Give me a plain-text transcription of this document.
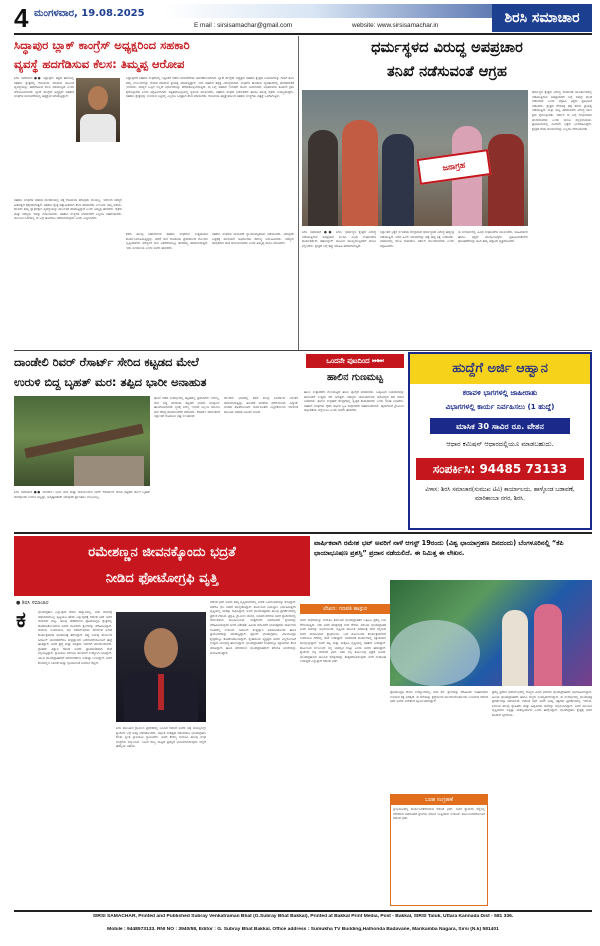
4 ಮಂಗಳವಾರ, 19.08.2025
E mail : sirsisamachar@gmail.com	website: www.sirsisamachar.in	ಶಿರಸಿ ಸಮಾಚಾರ
ಸಿದ್ಧಾಪುರ ಬ್ಲಾಕ್ ಕಾಂಗ್ರೆಸ್ ಅಧ್ಯಕ್ಷರಿಂದ ಸಹಕಾರಿ
ವ್ಯವಸ್ಥೆ ಹದಗೆಡಿಸುವ ಕೆಲಸ: ತಿಮ್ಮಪ್ಪ ಆರೋಪ
ಶಿರಸಿ ಸಮಾಚಾರ ●● ಸಿದ್ದಾಪುರ: ಪಕ್ಷದ ಹೆಸರಿನಲ್ಲಿ ಸಹಕಾರಿ ಕ್ಷೇತ್ರದಲ್ಲಿ ರಾಜಕೀಯ ಮಾಡುವ ಮೂಲಕ ವ್ಯವಸ್ಥೆಯನ್ನು ಹದಗೆಡಿಸುವ ಕೆಲಸ ನಡೆಯುತ್ತಿದೆ ಎಂದು ಆರೋಪಿಸಲಾಗಿದೆ. ಬ್ಲಾಕ್ ಕಾಂಗ್ರೆಸ್ ಅಧ್ಯಕ್ಷರು ಸಹಕಾರ ಸಂಘಗಳ ಚುನಾವಣೆಯಲ್ಲಿ ಹಸ್ತಕ್ಷೇಪ ಮಾಡುತ್ತಿದ್ದಾರೆ.
ಸಹಕಾರಿ ಸಂಘಗಳ ಆಡಳಿತ ಮಂಡಳಿಯಲ್ಲಿ ಪಕ್ಷ ರಾಜಕೀಯ ತರುವುದು ಸರಿಯಲ್ಲ. ಇದರಿಂದ ಸದಸ್ಯರ ಹಿತಾಸಕ್ತಿಗೆ ಧಕ್ಕೆಯಾಗುತ್ತದೆ. ಸಹಕಾರಿ ಕ್ಷೇತ್ರ ಪಕ್ಷಾತೀತವಾಗಿ ಕೆಲಸ ಮಾಡಬೇಕು ಎಂಬುದು ನಮ್ಮ ಆಶಯ. ಕೆಲವರು ತಮ್ಮ ಸ್ವಾರ್ಥಕ್ಕಾಗಿ ವ್ಯವಸ್ಥೆಯನ್ನು ದುರ್ಬಳಕೆ ಮಾಡುತ್ತಿದ್ದಾರೆ ಎಂದು ತಿಮ್ಮಪ್ಪ ಹೇಳಿದರು. ರೈತರು ಮತ್ತು ಸದಸ್ಯರು ಇದನ್ನು ಗಮನಿಸಬೇಕು. ಸಹಕಾರಿ ಸಂಸ್ಥೆಗಳ ಬೆಳವಣಿಗೆಗೆ ಎಲ್ಲರೂ ಸಹಕರಿಸಬೇಕು. ಮುಂದಿನ ದಿನಗಳಲ್ಲಿ ಈ ಬಗ್ಗೆ ಹೋರಾಟ ನಡೆಸಲಾಗುವುದು ಎಂದು ಎಚ್ಚರಿಸಿದರು.
ಸಿದ್ದಾಪುರದ ಸಹಕಾರಿ ಸಂಘಗಳಲ್ಲಿ ಇತ್ತೀಚೆಗೆ ನಡೆದ ಬೆಳವಣಿಗೆಗಳು ಆತಂಕಕಾರಿಯಾಗಿವೆ. ಬ್ಲಾಕ್ ಕಾಂಗ್ರೆಸ್ ಅಧ್ಯಕ್ಷರು ಸಹಕಾರಿ ಕ್ಷೇತ್ರದ ನಿಯಮಗಳನ್ನು ಗಾಳಿಗೆ ತೂರಿ ತಮ್ಮ ಬೆಂಬಲಿಗರನ್ನು ನೇಮಕ ಮಾಡುವ ಪ್ರಯತ್ನ ಮಾಡುತ್ತಿದ್ದಾರೆ. ಇದು ಸಹಕಾರ ತತ್ವಕ್ಕೆ ವಿರುದ್ಧವಾಗಿದೆ. ಸಂಘಗಳ ಹಣಕಾಸು ವ್ಯವಹಾರದಲ್ಲಿ ಪಾರದರ್ಶಕತೆ ಇರಬೇಕು. ಸದಸ್ಯರ ಒಪ್ಪಿಗೆ ಇಲ್ಲದೆ ನಿರ್ಧಾರಗಳನ್ನು ತೆಗೆದುಕೊಳ್ಳಲಾಗುತ್ತಿದೆ. ಈ ಬಗ್ಗೆ ಸಹಕಾರ ಇಲಾಖೆಗೆ ದೂರು ನೀಡಲಾಗಿದೆ. ಅಧಿಕಾರಿಗಳು ಕೂಡಲೇ ಕ್ರಮ ಕೈಗೊಳ್ಳಬೇಕು ಎಂದು ಆಗ್ರಹಿಸಲಾಗಿದೆ. ಪತ್ರಿಕಾಗೋಷ್ಠಿಯಲ್ಲಿ ಸ್ಥಳೀಯ ಮುಖಂಡರು, ಸಹಕಾರಿ ಸಂಘದ ನಿರ್ದೇಶಕರು ಹಾಗೂ ಹಲವು ರೈತರು ಉಪಸ್ಥಿತರಿದ್ದರು. ಸಹಕಾರಿ ಕ್ಷೇತ್ರವನ್ನು ಉಳಿಸುವ ನಿಟ್ಟಿನಲ್ಲಿ ಎಲ್ಲರೂ ಒಗ್ಗಟ್ಟಾಗಿ ಕೆಲಸ ಮಾಡಬೇಕು. ರಾಜಕೀಯ ಹಸ್ತಕ್ಷೇಪದಿಂದ ಸಹಕಾರಿ ಸಂಸ್ಥೆಗಳು ನಷ್ಟಕ್ಕೆ ಒಳಗಾಗುತ್ತಿವೆ.
ಕಳೆದ ಹಲವು ವರ್ಷಗಳಿಂದ ಸಹಕಾರಿ ಸಂಘಗಳು ಉತ್ತಮವಾಗಿ ಕಾರ್ಯನಿರ್ವಹಿಸುತ್ತಿದ್ದವು. ಆದರೆ ಈಗ ರಾಜಕೀಯ ಪ್ರವೇಶದಿಂದ ಗೊಂದಲ ಸೃಷ್ಟಿಯಾಗಿದೆ. ಸದಸ್ಯರಿಗೆ ಸಾಲ ವಿತರಣೆಯಲ್ಲೂ ತಾರತಮ್ಯ ಮಾಡಲಾಗುತ್ತಿದೆ. ಇದು ಖಂಡನೀಯ ಎಂದು ಅವರು ಹೇಳಿದರು.
ಸಹಕಾರಿ ಸಂಘಗಳ ಚುನಾವಣೆ ನ್ಯಾಯಸಮ್ಮತವಾಗಿ ನಡೆಯಬೇಕು. ಯಾವುದೇ ಒತ್ತಡಕ್ಕೆ ಮಣಿಯದೆ ಅಧಿಕಾರಿಗಳು ಕರ್ತವ್ಯ ನಿರ್ವಹಿಸಬೇಕು. ಸದಸ್ಯರು ಜಾಗೃತರಾಗಿ ಮತ ಚಲಾಯಿಸಬೇಕು ಎಂದು ತಿಮ್ಮಪ್ಪ ಮನವಿ ಮಾಡಿದರು.
ಧರ್ಮಸ್ಥಳದ ವಿರುದ್ಧ ಅಪಪ್ರಚಾರ
ತನಿಖೆ ನಡೆಸುವಂತೆ ಆಗ್ರಹ
ಜನಾಗ್ರಹ
ಧರ್ಮಸ್ಥಳ ಕ್ಷೇತ್ರದ ವಿರುದ್ಧ ಸಾಮಾಜಿಕ ಜಾಲತಾಣಗಳಲ್ಲಿ ನಡೆಯುತ್ತಿರುವ ಅಪಪ್ರಚಾರದ ಬಗ್ಗೆ ಸಮಗ್ರ ತನಿಖೆ ನಡೆಸಬೇಕು ಎಂದು ಆಗ್ರಹಿಸಿ ಭಕ್ತರು ಪ್ರತಿಭಟನೆ ನಡೆಸಿದರು. ಕ್ಷೇತ್ರದ ಗೌರವಕ್ಕೆ ಧಕ್ಕೆ ತರುವ ಪ್ರಯತ್ನ ನಡೆಯುತ್ತಿದೆ. ಸುಳ್ಳು ಸುದ್ದಿ ಹರಡುವವರ ವಿರುದ್ಧ ಕಠಿಣ ಕ್ರಮ ಕೈಗೊಳ್ಳಬೇಕು. ಸರ್ಕಾರ ಈ ಬಗ್ಗೆ ಗಂಭೀರವಾಗಿ ಪರಿಗಣಿಸಬೇಕು ಎಂದು ಮನವಿ ಸಲ್ಲಿಸಲಾಯಿತು. ಪ್ರತಿಭಟನೆಯಲ್ಲಿ ನೂರಾರು ಭಕ್ತರು ಭಾಗವಹಿಸಿದ್ದರು. ಕ್ಷೇತ್ರದ ಸೇವಾ ಕಾರ್ಯಗಳನ್ನು ಎಲ್ಲರೂ ಗೌರವಿಸಬೇಕು.
ಶಿರಸಿ ಸಮಾಚಾರ ●● ಶಿರಸಿ: ಧರ್ಮಸ್ಥಳ ಕ್ಷೇತ್ರದ ವಿರುದ್ಧ ನಡೆಯುತ್ತಿರುವ ಅಪಪ್ರಚಾರ ಖಂಡಿಸಿ ವಿವಿಧ ಸಂಘಟನೆಗಳ ಕಾರ್ಯಕರ್ತರು ತಹಶೀಲ್ದಾರ್ ಮೂಲಕ ಮುಖ್ಯಮಂತ್ರಿಗಳಿಗೆ ಮನವಿ ಸಲ್ಲಿಸಿದರು. ಕ್ಷೇತ್ರದ ಬಗ್ಗೆ ತಪ್ಪು ಮಾಹಿತಿ ಹರಡಲಾಗುತ್ತಿದೆ.
ಲಕ್ಷಾಂತರ ಭಕ್ತರ ನಂಬಿಕೆಯ ಕೇಂದ್ರವಾದ ಧರ್ಮಸ್ಥಳದ ವಿರುದ್ಧ ಷಡ್ಯಂತ್ರ ನಡೆಯುತ್ತಿದೆ. ಇದರ ಹಿಂದೆ ಇರುವವರನ್ನು ಪತ್ತೆ ಹಚ್ಚಿ ಶಿಕ್ಷೆ ನೀಡಬೇಕು. ಸಮಾಜದಲ್ಲಿ ಶಾಂತಿ ಕಾಪಾಡಲು ಸರ್ಕಾರ ಮುಂದಾಗಬೇಕು ಎಂದು ಆಗ್ರಹಿಸಿದರು.
ಈ ಸಂದರ್ಭದಲ್ಲಿ ವಿವಿಧ ಸಂಘಟನೆಗಳ ಮುಖಂಡರು, ಮಹಿಳೆಯರು ಹಾಗೂ ಭಕ್ತರು ಪಾಲ್ಗೊಂಡಿದ್ದರು. ಪ್ರತಿಭಟನಾಕಾರರು ಘೋಷಣೆಗಳನ್ನು ಕೂಗಿ ತಮ್ಮ ಆಕ್ರೋಶ ವ್ಯಕ್ತಪಡಿಸಿದರು.
ದಾಂಡೇಲಿ ರಿವರ್ ರೆಸಾರ್ಟ್ ಸೇರಿದ ಕಟ್ಟಡದ ಮೇಲೆ
ಉರುಳಿ ಬಿದ್ದ ಬೃಹತ್ ಮರ: ತಪ್ಪಿದ ಭಾರೀ ಅನಾಹುತ
ಶಿರಸಿ ಸಮಾಚಾರ ●● ದಾಂಡೇಲಿ: ಭಾರೀ ಮಳೆ ಮತ್ತು ಗಾಳಿಯಿಂದಾಗಿ ರಿವರ್ ರೆಸಾರ್ಟ್‌ಗೆ ಸೇರಿದ ಕಟ್ಟಡದ ಮೇಲೆ ಬೃಹತ್ ಮರವೊಂದು ಉರುಳಿ ಬಿದ್ದಿದ್ದು, ಅದೃಷ್ಟವಶಾತ್ ಯಾವುದೇ ಪ್ರಾಣಹಾನಿ ಸಂಭವಿಸಿಲ್ಲ.
ಘಟನೆ ನಡೆದ ಸಂದರ್ಭದಲ್ಲಿ ಕಟ್ಟಡದಲ್ಲಿ ಪ್ರವಾಸಿಗರು ಇರಲಿಲ್ಲ. ಮರ ಬಿದ್ದ ಪರಿಣಾಮ ಕಟ್ಟಡದ ಛಾವಣಿ ಸಂಪೂರ್ಣ ಹಾನಿಗೊಳಗಾಗಿದೆ. ಸ್ಥಳಕ್ಕೆ ಅರಣ್ಯ ಇಲಾಖೆ ಸಿಬ್ಬಂದಿ ಆಗಮಿಸಿ ಮರ ತೆರವು ಕಾರ್ಯಾಚರಣೆ ನಡೆಸಿದರು. ರೆಸಾರ್ಟ್ ಮಾಲೀಕರಿಗೆ ಲಕ್ಷಾಂತರ ರೂಪಾಯಿ ನಷ್ಟ ಉಂಟಾಗಿದೆ.
ದಾಂಡೇಲಿ ಭಾಗದಲ್ಲಿ ಕಳೆದ ಕೆಲವು ದಿನಗಳಿಂದ ನಿರಂತರ ಮಳೆಯಾಗುತ್ತಿದ್ದು, ಹಲವೆಡೆ ಮರಗಳು ಧರೆಗುರುಳಿವೆ. ವಿದ್ಯುತ್ ಸಂಪರ್ಕ ಕಡಿತಗೊಂಡಿದೆ. ಸಾರ್ವಜನಿಕರು ಎಚ್ಚರಿಕೆಯಿಂದ ಇರುವಂತೆ ತಾಲೂಕು ಆಡಳಿತ ಸೂಚನೆ ನೀಡಿದೆ.
ಒಂದನೇ ಪುಟದಿಂದ ⏭⏭
ಹಾಲಿನ ಗುಣಮಟ್ಟ
ಹಾಲು ಉತ್ಪಾದಕರು ಗುಣಮಟ್ಟದ ಹಾಲು ಪೂರೈಕೆ ಮಾಡಬೇಕು. ಒಕ್ಕೂಟದ ನಿಯಮಗಳನ್ನು ಪಾಲಿಸಿದರೆ ಉತ್ತಮ ದರ ಸಿಗುತ್ತದೆ. ಸದಸ್ಯರು ಜಾನುವಾರುಗಳ ಆರೋಗ್ಯದ ಕಡೆ ಗಮನ ನೀಡಬೇಕು. ಹಾಲಿನ ಸಂಗ್ರಹಣೆ ಕೇಂದ್ರಗಳಲ್ಲಿ ಸ್ವಚ್ಛತೆ ಕಾಪಾಡಬೇಕು ಎಂದು ಸಲಹೆ ನೀಡಿದರು. ಸಹಕಾರ ಸಂಘಗಳು ರೈತರ ಆರ್ಥಿಕ ಸ್ಥಿತಿ ಸುಧಾರಣೆಗೆ ಸಹಕಾರಿಯಾಗಿವೆ. ಹೈನುಗಾರಿಕೆ ಗ್ರಾಮೀಣ ಆರ್ಥಿಕತೆಯ ಬೆನ್ನೆಲುಬು ಎಂದು ಅವರು ಹೇಳಿದರು.
ಹುದ್ದೆಗೆ ಅರ್ಜಿ ಆಹ್ವಾನ
ಕರಾವಳಿ ಭಾಗಗಳಲ್ಲಿ ಜಾಹೀರಾತು
ವಿಭಾಗಗಳಲ್ಲಿ ಕಾರ್ಯ ನಿರ್ವಹಿಸಲು (1 ಹುದ್ದೆ)
ಮಾಸಿಕ 30 ಸಾವಿರ ರೂ. ವೇತನ
ಆಧಾರ ಕಮಿಷನ್ ಆಧಾರದಲ್ಲಿಯೂ ಮಾಡಬಹುದು.
ಸಂಪರ್ಕಿಸಿ: 94485 73133
ವಿಳಾಸ: ಶಿರಸಿ ಸಮಾಚಾರ(ಸುಮುಖ ಟಿವಿ) ಕಾರ್ಯಾಲಯ, ಹಾಳ್ಳೊಂಡ ಬಡಾವಣೆ, ಮಾರಿಕಾಂಬಾ ನಗರ, ಶಿರಸಿ.
ರಮೇಶಣ್ಣನ ಜೀವನಕ್ಕೊಂದು ಭದ್ರತೆ
ನೀಡಿದ ಫೋಟೋಗ್ರಫಿ ವೃತ್ತಿ
ವಾರ್ಷಿಕವಾಗಿ ರಮೇಶ ಭಟ್ ಅವರಿಗೆ ನಾಳೆ ಆಗಸ್ಟ್ 19ರಂದು (ವಿಶ್ವ ಛಾಯಾಗ್ರಹಣ ದಿನದಂದು) ಬೆಂಗಳೂರಿನಲ್ಲಿ “ಕೆಪಿ ಛಾಯಾಭೂಷಣ ಪ್ರಶಸ್ತಿ” ಪ್ರದಾನ ನಡೆಯಲಿದೆ. ಈ ನಿಮಿತ್ತ ಈ ಲೇಖನ.
ಲೇಖನ: ಗಣಪತಿ ಹಾಸ್ಪುರ
● ಶಿರಸಿ ಸಮಾಚಾರ
ಕ	ಛಾಯಾಗ್ರಹಣ ಎನ್ನುವುದು ಕೇವಲ ಹವ್ಯಾಸವಲ್ಲ. ಅದು ಜೀವನಕ್ಕೆ ಆಧಾರವಾಗಬಲ್ಲ ವೃತ್ತಿಯೂ ಹೌದು ಎನ್ನುವುದಕ್ಕೆ ರಮೇಶ ಭಟ್ ಅವರ ಜೀವನವೇ ಸಾಕ್ಷಿ. ಹಲವು ದಶಕಗಳಿಂದ ಫೋಟೋಗ್ರಫಿ ಕ್ಷೇತ್ರದಲ್ಲಿ ತೊಡಗಿಸಿಕೊಂಡಿರುವ ಅವರು ಸಾವಿರಾರು ಕ್ಷಣಗಳನ್ನು ಸೆರೆಹಿಡಿದಿದ್ದಾರೆ. ಮದುವೆ, ಉಪನಯನ, ಸಭೆ ಸಮಾರಂಭಗಳು ಸೇರಿದಂತೆ ಅನೇಕ ಕಾರ್ಯಕ್ರಮಗಳ ಛಾಯಾಚಿತ್ರ ತೆಗೆದಿದ್ದಾರೆ. ಕಪ್ಪು ಬಿಳುಪು ಕಾಲದಿಂದ ಡಿಜಿಟಲ್ ಯುಗದವರೆಗೂ ತಂತ್ರಜ್ಞಾನದ ಬದಲಾವಣೆಯೊಂದಿಗೆ ಹೆಜ್ಜೆ ಹಾಕಿದ್ದಾರೆ. ಅವರ ಶ್ರದ್ಧೆ ಮತ್ತು ಪರಿಶ್ರಮ ಇತರರಿಗೆ ಮಾದರಿಯಾಗಿದೆ. ಗ್ರಾಹಕರ ವಿಶ್ವಾಸ ಗಳಿಸಿದ ಅವರು ಪ್ರಾಮಾಣಿಕವಾಗಿ ಸೇವೆ ಸಲ್ಲಿಸುತ್ತಿದ್ದಾರೆ. ಸ್ಟುಡಿಯೋ ಆರಂಭಿಸಿ ಹಲವರಿಗೆ ಉದ್ಯೋಗ ನೀಡಿದ್ದಾರೆ. ಯುವ ಛಾಯಾಗ್ರಾಹಕರಿಗೆ ಮಾರ್ಗದರ್ಶನ ನೀಡುತ್ತಾ ಬಂದಿದ್ದಾರೆ. ಅವರ ಕೆಲಸದಲ್ಲಿನ ನಿಖರತೆ ಮತ್ತು ಸೃಜನಶೀಲತೆ ಜನಮನ ಗೆದ್ದಿದೆ.
ಶಿರಸಿ ತಾಲೂಕಿನ ಗ್ರಾಮೀಣ ಪ್ರದೇಶದಲ್ಲಿ ಜನಿಸಿದ ರಮೇಶ ಅವರು ಚಿಕ್ಕ ವಯಸ್ಸಿನಲ್ಲೇ ಕ್ಯಾಮೆರಾ ಬಗ್ಗೆ ಆಸಕ್ತಿ ಬೆಳೆಸಿಕೊಂಡರು. ಆರ್ಥಿಕ ಸಂಕಷ್ಟದ ನಡುವೆಯೂ ಛಾಯಾಗ್ರಹಣ ಕಲಿತು ಸ್ವಂತ ಸ್ಟುಡಿಯೋ ಸ್ಥಾಪಿಸಿದರು. ಅವರ ಕೌಶಲ್ಯ ಗುರುತಿಸಿ ಹಲವು ಸಂಘ ಸಂಸ್ಥೆಗಳು ಸನ್ಮಾನಿಸಿವೆ. ಇದೀಗ ರಾಜ್ಯ ಮಟ್ಟದ ಪ್ರಶಸ್ತಿಗೆ ಭಾಜನರಾಗಿರುವುದು ಜಿಲ್ಲೆಗೆ ಹೆಮ್ಮೆಯ ವಿಷಯ.
ರಮೇಶ ಭಟ್ ಅವರು ತಮ್ಮ ವೃತ್ತಿಜೀವನದಲ್ಲಿ ಅನೇಕ ಏಳುಬೀಳುಗಳನ್ನು ಕಂಡಿದ್ದಾರೆ. ಆದರೂ ಛಲ ಬಿಡದೆ ಮುನ್ನಡೆದಿದ್ದಾರೆ. ಕುಟುಂಬದ ಜವಾಬ್ದಾರಿ ನಿರ್ವಹಿಸುತ್ತಲೇ ವೃತ್ತಿಯಲ್ಲಿ ಯಶಸ್ಸು ಸಾಧಿಸಿದ್ದಾರೆ. ಅವರ ಛಾಯಾಚಿತ್ರಗಳು ಹಲವು ಪ್ರದರ್ಶನಗಳಲ್ಲಿ ಪ್ರಶಂಸೆ ಗಳಿಸಿವೆ. ಪ್ರಕೃತಿ, ಗ್ರಾಮೀಣ ಜೀವನ, ಜನಪದ ಕಲೆಗಳು ಅವರ ಕ್ಯಾಮೆರಾದಲ್ಲಿ ಜೀವಂತವಾಗಿ ಮೂಡಿಬಂದಿವೆ. ಯಕ್ಷಗಾನದ ಅಪರೂಪದ ಕ್ಷಣಗಳನ್ನು ಸೆರೆಹಿಡಿದಿರುವುದು ಅವರ ವಿಶೇಷತೆ. ಹಿರಿಯ ಕಲಾವಿದರ ಭಾವಚಿತ್ರಗಳು ದಾಖಲೆಯ ರೂಪದಲ್ಲಿ ಉಳಿದಿವೆ. ಡಿಜಿಟಲ್ ತಂತ್ರಜ್ಞಾನ ಅಳವಡಿಸಿಕೊಂಡು ಹೊಸ ಪ್ರಯೋಗಗಳನ್ನು ಮಾಡುತ್ತಿದ್ದಾರೆ. ಡ್ರೋನ್ ಛಾಯಾಗ್ರಹಣ, ವಿಡಿಯೋಗ್ರಫಿ ಕ್ಷೇತ್ರದಲ್ಲೂ ತೊಡಗಿಸಿಕೊಂಡಿದ್ದಾರೆ. ಸ್ನೇಹಮಯ ವ್ಯಕ್ತಿತ್ವದ ಅವರು ಎಲ್ಲರೊಂದಿಗೆ ಉತ್ತಮ ಬಾಂಧವ್ಯ ಹೊಂದಿದ್ದಾರೆ. ಛಾಯಾಗ್ರಾಹಕರ ಸಂಘದಲ್ಲೂ ಸಕ್ರಿಯರಾಗಿ ಕೆಲಸ ಮಾಡಿದ್ದಾರೆ. ಹೊಸ ತಲೆಮಾರಿನ ಛಾಯಾಗ್ರಾಹಕರಿಗೆ ತರಬೇತಿ ಶಿಬಿರಗಳನ್ನು ಆಯೋಜಿಸಿದ್ದಾರೆ.
ಅವರ ಸಾಧನೆಯನ್ನು ಗುರುತಿಸಿ ಕರ್ನಾಟಕ ಛಾಯಾಗ್ರಾಹಕರ ಒಕ್ಕೂಟ ಪ್ರಶಸ್ತಿ ನೀಡಿ ಗೌರವಿಸುತ್ತಿದೆ. ಇದು ಅವರ ಪರಿಶ್ರಮಕ್ಕೆ ಸಂದ ಗೌರವ. ಶಿರಸಿಯ ಛಾಯಾಗ್ರಾಹಕ ಬಳಗ ಅವರನ್ನು ಅಭಿನಂದಿಸಿದೆ. ವೃತ್ತಿಯ ಮೂಲಕ ಸಮಾಜಕ್ಕೆ ಸೇವೆ ಸಲ್ಲಿಸುವ ಅವರ ಮನೋಭಾವ ಶ್ಲಾಘನೀಯ. ಬಡ ಕುಟುಂಬಗಳ ಕಾರ್ಯಕ್ರಮಗಳಿಗೆ ರಿಯಾಯಿತಿ ದರದಲ್ಲಿ ಸೇವೆ ನೀಡುತ್ತಾರೆ. ಸಾಮಾಜಿಕ ಕಾರ್ಯಗಳಲ್ಲಿ ಸಕ್ರಿಯವಾಗಿ ಪಾಲ್ಗೊಳ್ಳುತ್ತಾರೆ. ಅವರ ಪತ್ನಿ ಮತ್ತು ಮಕ್ಕಳೂ ವೃತ್ತಿಯಲ್ಲಿ ಸಹಕಾರ ನೀಡುತ್ತಾರೆ. ಕುಟುಂಬದ ಬೆಂಬಲವೇ ನನ್ನ ಯಶಸ್ಸಿನ ಗುಟ್ಟು ಎಂದು ಅವರು ಹೇಳುತ್ತಾರೆ. ಕ್ಯಾಮೆರಾ ನನ್ನ ಜೀವನದ ಭಾಗ. ಅದು ನನ್ನ ಕುಟುಂಬಕ್ಕೆ ಭದ್ರತೆ ನೀಡಿದೆ. ಛಾಯಾಗ್ರಹಣದ ಮೂಲಕ ನೆನಪುಗಳನ್ನು ಶಾಶ್ವತಗೊಳಿಸುವುದು ನನಗೆ ಸಂತೋಷ ನೀಡುತ್ತದೆ ಎನ್ನುತ್ತಾರೆ ರಮೇಶ ಭಟ್.
ಫೋಟೋಗ್ರಫಿ ಕೇವಲ ಉದ್ಯೋಗವಲ್ಲ, ಅದು ಕಲೆ. ಕ್ಷಣಗಳನ್ನು ಸೆರೆಹಿಡಿದು ಇತಿಹಾಸವಾಗಿ ಉಳಿಸುವ ಶಕ್ತಿ ಅದಕ್ಕಿದೆ. ಈ ಕಲೆಯನ್ನು ಶ್ರದ್ಧೆಯಿಂದ ಮುಂದುವರಿಸಿಕೊಂಡು ಬಂದಿರುವ ರಮೇಶ ಭಟ್ ಅವರು ಅನೇಕರಿಗೆ ಸ್ಫೂರ್ತಿಯಾಗಿದ್ದಾರೆ.
ಪ್ರಶಸ್ತಿ ಪ್ರದಾನ ಸಮಾರಂಭದಲ್ಲಿ ರಾಜ್ಯದ ವಿವಿಧ ಭಾಗಗಳ ಛಾಯಾಗ್ರಾಹಕರು ಭಾಗವಹಿಸಲಿದ್ದಾರೆ. ಹಿರಿಯ ಛಾಯಾಗ್ರಾಹಕರು ಹಾಗೂ ಗಣ್ಯರು ಉಪಸ್ಥಿತರಿರಲಿದ್ದಾರೆ. ಈ ಸಂದರ್ಭದಲ್ಲಿ ಛಾಯಾಚಿತ್ರ ಪ್ರದರ್ಶನವೂ ನಡೆಯಲಿದೆ. ರಮೇಶ ಭಟ್ ಅವರ ಆಯ್ದ ಚಿತ್ರಗಳು ಪ್ರದರ್ಶನದಲ್ಲಿ ಇರಲಿವೆ. ಶಿರಸಿಯ ಹಲವು ಸ್ನೇಹಿತರು ಮತ್ತು ಹಿತೈಷಿಗಳು ಅವರನ್ನು ಅಭಿನಂದಿಸಿದ್ದಾರೆ. ಅವರ ಮುಂದಿನ ವೃತ್ತಿಜೀವನ ಇನ್ನಷ್ಟು ಯಶಸ್ವಿಯಾಗಲಿ ಎಂದು ಹಾರೈಸಿದ್ದಾರೆ. ಛಾಯಾಗ್ರಹಣ ಕ್ಷೇತ್ರಕ್ಕೆ ಅವರ ಕೊಡುಗೆ ಸ್ಮರಣೀಯ.
ಬರಹ ಸಂಗ್ರಹಣೆ
ಸ್ಟುಡಿಯೋದಲ್ಲಿ ಕಾರ್ಯನಿರತರಾಗಿರುವ ರಮೇಶ ಭಟ್. ಅವರ ಕ್ಯಾಮೆರಾ ಕಣ್ಣಿನಲ್ಲಿ ಸೆರೆಯಾದ ಅಪರೂಪದ ಕ್ಷಣಗಳು ನೆನಪಿನ ಬುತ್ತಿಯಾಗಿ ಉಳಿದಿವೆ. ಕುಟುಂಬದವರೊಂದಿಗೆ ರಮೇಶ ಭಟ್.
SIRSI SAMACHAR, Printed and Published Subray Venkatraman Bhat (G.Subray Bhat Bakkal), Printed at Bakkal Print Media, Post - Bakkal, SIRSI Taluk, Uttara Kannada Dist - 581 336.
Mobile : 9448573133. RNI NO : 3940/58, Editor : G. Subray Bhat Bakkal. Office address : Sumukha TV Building,Halhonda Badavane, Marikamba Nagara, Sirsi (N.k) 581401
